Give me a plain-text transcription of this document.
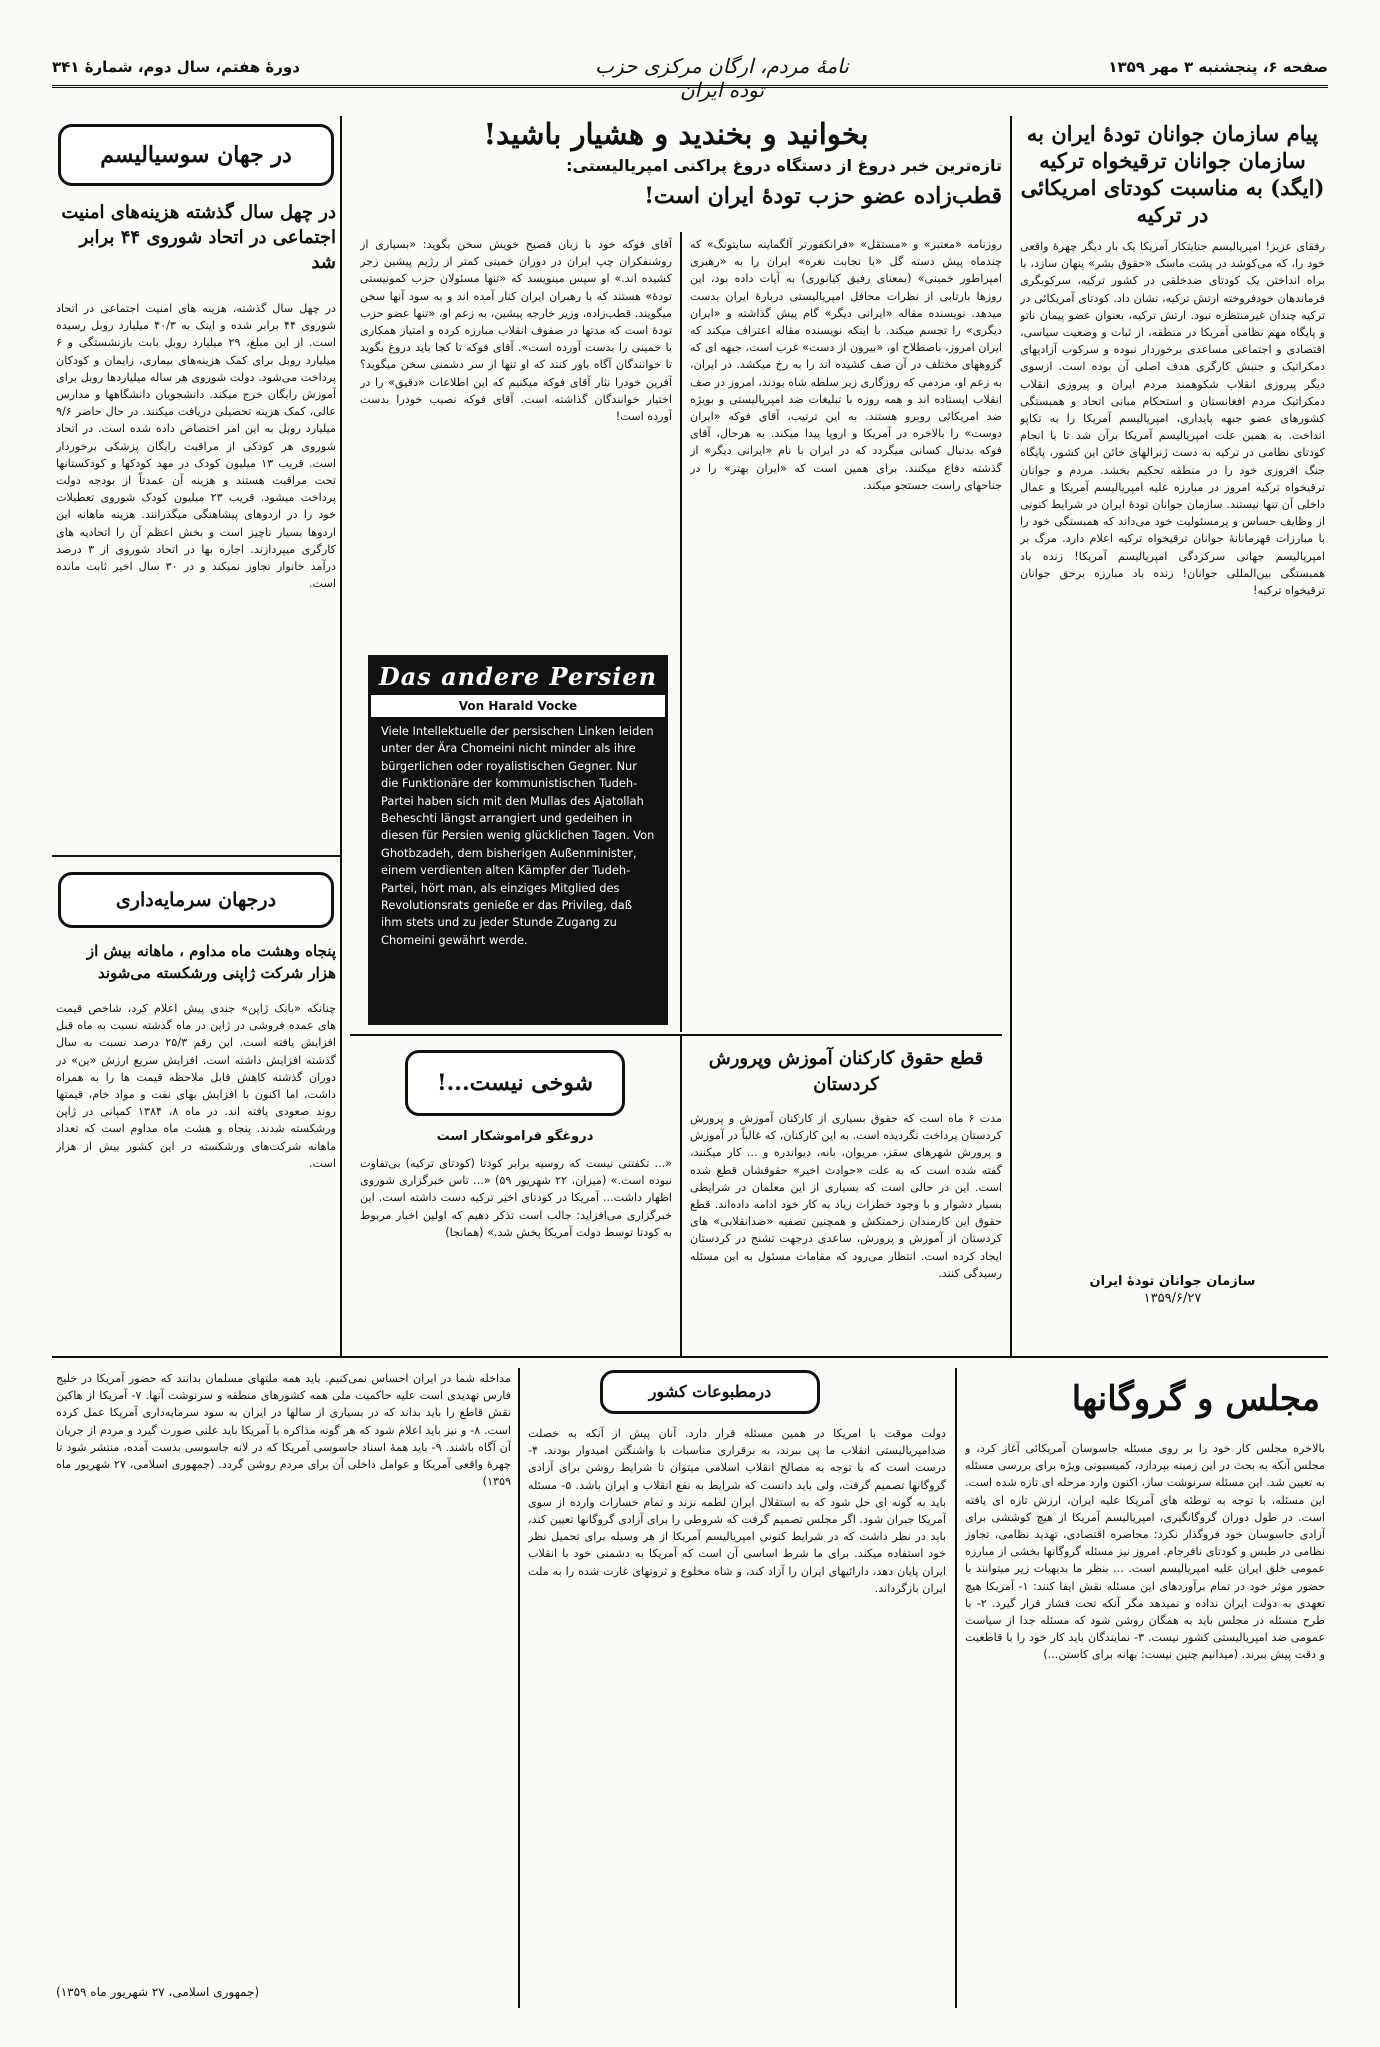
صفحه ۶، پنجشنبه ۳ مهر ۱۳۵۹
نامهٔ مردم، ارگان مرکزی حزب توده ایران
دورهٔ هفتم، سال دوم، شمارهٔ ۳۴۱
پیام سازمان جوانان تودهٔ ایران به سازمان جوانان ترقیخواه ترکیه (ایگد) به مناسبت کودتای امریکائی در ترکیه
رفقای عزیز! امپریالیسم جنایتکار آمریکا یک بار دیگر چهرهٔ واقعی خود را، که می‌کوشد در پشت ماسک «حقوق بشر» پنهان سازد، با براه انداختن یک کودتای ضدخلقی در کشور ترکیه، سرکوبگری فرماندهان خودفروخته ارتش ترکیه، نشان داد. کودتای آمریکائی در ترکیه چندان غیرمنتظره نبود. ارتش ترکیه، بعنوان عضو پیمان ناتو و پایگاه مهم نظامی آمریکا در منطقه، از ثبات و وضعیت سیاسی، اقتصادی و اجتماعی مساعدی برخوردار نبوده و سرکوب آزادیهای دمکراتیک و جنبش کارگری هدف اصلی آن بوده است. ازسوی دیگر پیروزی انقلاب شکوهمند مردم ایران و پیروزی انقلاب دمکراتیک مردم افغانستان و استحکام مبانی اتحاد و همبستگی کشورهای عضو جبهه پایداری، امپریالیسم آمریکا را به تکاپو انداخت. به همین علت امپریالیسم آمریکا برآن شد تا با انجام کودتای نظامی در ترکیه به دست ژنرالهای خائن این کشور، پایگاه جنگ افروزی خود را در منطقه تحکیم بخشد. مردم و جوانان ترقیخواه ترکیه امروز در مبارزه علیه امپریالیسم آمریکا و عمال داخلی آن تنها نیستند. سازمان جوانان تودهٔ ایران در شرایط کنونی از وظایف حساس و پرمسئولیت خود می‌داند که همبستگی خود را با مبارزات قهرمانانهٔ جوانان ترقیخواه ترکیه اعلام دارد. مرگ بر امپریالیسم جهانی سرکردگی امپریالیسم آمریکا! زنده باد همبستگی بین‌المللی جوانان! زنده باد مبارزه برحق جوانان ترقیخواه ترکیه!
سازمان جوانان تودهٔ ایران
۱۳۵۹/۶/۲۷
بخوانید و بخندید و هشیار باشید!
تازه‌ترین خبر دروغ از دستگاه دروغ پراکنی امپریالیستی:
قطب‌زاده عضو حزب تودهٔ ایران است!
روزنامه «معتبر» و «مستقل» «فرانکفورتر آلگماینه سایتونگ» که چندماه پیش دسته گل «با نجابت نغره» ایران را به «رهبری امپراطور خمینی» (بمعنای رفیق کیانوری) به آیات داده بود، این روزها بارتابی از نظرات محافل امپریالیستی دربارهٔ ایران بدست میدهد. نویسنده مقاله «ایرانی دیگر» گام پیش گذاشته و «ایران دیگری» را تجسم میکند. با اینکه نویسنده مقاله اعتراف میکند که ایران امروز، باصطلاح او، «بیرون از دست» غرب است، جبهه ای که گروههای مختلف در آن صف کشیده اند را به رخ میکشد. در ایران، به زعم او، مردمی که روزگاری زیر سلطه شاه بودند، امروز در صف انقلاب ایستاده اند و همه روزه با تبلیغات ضد امپریالیستی و بویژه ضد امریکائی روبرو هستند. به این ترتیب، آقای فوکه «ایران دوست» را بالاخره در آمریکا و اروپا پیدا میکند. به هرحال، آقای فوکه بدنبال کسانی میگردد که در ایران با نام «ایرانی دیگر» از گذشته دفاع میکنند. برای همین است که «ایران بهتر» را در جناحهای راست جستجو میکند.
آقای فوکه خود با زبان فصیح خویش سخن بگوید: «بسیاری از روشنفکران چپ ایران در دوران خمینی کمتر از رژیم پیشین زجر کشیده اند.» او سپس مینویسد که «تنها مسئولان حزب کمونیستی تودهٔ» هستند که با رهبران ایران کنار آمده اند و به سود آنها سخن میگویند. قطب‌زاده، وزیر خارجه پیشین، به زعم او، «تنها عضو حزب تودهٔ است که مدتها در صفوف انقلاب مبارزه کرده و امتیاز همکاری با خمینی را بدست آورده است». آقای فوکه تا کجا باید دروغ بگوید تا خوانندگان آگاه باور کنند که او تنها از سر دشمنی سخن میگوید؟ آفرین خودرا نثار آقای فوکه میکنیم که این اطلاعات «دقیق» را در اختیار خوانندگان گذاشته است. آقای فوکه نصیب خودرا بدست آورده است!
Das andere Persien
Von Harald Vocke
Viele Intellektuelle der persischen Linken leiden unter der Ära Chomeini nicht minder als ihre bürgerlichen oder royalistischen Gegner. Nur die Funktionäre der kommunistischen Tudeh-Partei haben sich mit den Mullas des Ajatollah Beheschti längst arrangiert und gedeihen in diesen für Persien wenig glücklichen Tagen. Von Ghotbzadeh, dem bisherigen Außenminister, einem verdienten alten Kämpfer der Tudeh-Partei, hört man, als einziges Mitglied des Revolutionsrats genieße er das Privileg, daß ihm stets und zu jeder Stunde Zugang zu Chomeini gewährt werde.
در جهان سوسیالیسم
در چهل سال گذشته هزینه‌های امنیت اجتماعی در اتحاد شوروی ۴۴ برابر شد
در چهل سال گذشته، هزینه های امنیت اجتماعی در اتحاد شوروی ۴۴ برابر شده و اینک به ۴۰/۳ میلیارد روبل رسیده است. از این مبلغ، ۲۹ میلیارد روبل بابت بازنشستگی و ۶ میلیارد روبل برای کمک هزینه‌های بیماری، زایمان و کودکان پرداخت می‌شود. دولت شوروی هر ساله میلیاردها روبل برای آموزش رایگان خرج میکند. دانشجویان دانشگاهها و مدارس عالی، کمک هزینه تحصیلی دریافت میکنند. در حال حاضر ۹/۶ میلیارد روبل به این امر اختصاص داده شده است. در اتحاد شوروی هر کودکی از مراقبت رایگان پزشکی برخوردار است. قریب ۱۳ میلیون کودک در مهد کودکها و کودکستانها تحت مراقبت هستند و هزینه آن عمدتاً از بودجه دولت پرداخت میشود. قریب ۲۳ میلیون کودک شوروی تعطیلات خود را در اردوهای پیشاهنگی میگذرانند. هزینه ماهانه این اردوها بسیار ناچیز است و بخش اعظم آن را اتحادیه های کارگری میپردازند. اجاره بها در اتحاد شوروی از ۳ درصد درآمد خانوار تجاوز نمیکند و در ۳۰ سال اخیر ثابت مانده است.
درجهان سرمایه‌داری
پنجاه وهشت ماه مداوم ، ماهانه بیش از هزار شرکت ژاپنی ورشکسته می‌شوند
چنانکه «بانک ژاپن» جندی پیش اعلام کرد، شاخص قیمت های عمده فروشی در ژاپن در ماه گذشته نسبت به ماه قبل افزایش یافته است. این رقم ۲۵/۳ درصد نسبت به سال گذشته افزایش داشته است. افزایش سریع ارزش «ین» در دوران گذشته کاهش قابل ملاحظه قیمت ها را به همراه داشت، اما اکنون با افزایش بهای نفت و مواد خام، قیمتها روند صعودی یافته اند. در ماه ۸، ۱۳۸۴ کمپانی در ژاپن ورشکسته شدند. پنجاه و هشت ماه مداوم است که تعداد ماهانه شرکت‌های ورشکسته در این کشور بیش از هزار است.
شوخی نیست...!
دروغگو فراموشکار است
«... تکفتنی نیست که روسیه برابر کودتا (کودتای ترکیه) بی‌تفاوت نبوده است.» (میزان، ۲۲ شهریور ۵۹) «... تاس خبرگزاری شوروی اظهار داشت... آمریکا در کودتای اخیر ترکیه دست داشته است. این خبرگزاری می‌افزاید: جالب است تذکر دهیم که اولین اخبار مربوط به کودتا توسط دولت آمریکا پخش شد.» (همانجا)
قطع حقوق کارکنان آموزش وپرورش کردستان
مدت ۶ ماه است که حقوق بسیاری از کارکنان آموزش و پرورش کردستان پرداخت نگردیده است. به این کارکنان، که غالباً در آموزش و پرورش شهرهای سقز، مریوان، بانه، دیواندره و ... کار میکنند، گفته شده است که به علت «حوادث اخیر» حقوقشان قطع شده است. این در حالی است که بسیاری از این معلمان در شرایطی بسیار دشوار و با وجود خطرات زیاد به کار خود ادامه داده‌اند. قطع حقوق این کارمندان زحمتکش و همچنین تصفیه «ضدانقلابی» های کردستان از آموزش و پرورش، ساعدی درجهت تشنج در کردستان ایجاد کرده است. انتظار می‌رود که مقامات مسئول به این مسئله رسیدگی کنند.
مجلس و گروگانها
بالاخره مجلس کار خود را بر روی مسئله جاسوسان آمریکائی آغاز کرد، و مجلس آنکه به بحث در این زمینه بپردازد، کمیسیونی ویژه برای بررسی مسئله به تعیین شد. این مسئله سرنوشت ساز، اکنون وارد مرحله ای تازه شده است. این مسئله، با توجه به توطئه های آمریکا علیه ایران، ارزش تازه ای یافته است. در طول دوران گروگانگیری، امپریالیسم آمریکا از هیچ کوششی برای آزادی جاسوسان خود فروگذار نکرد: محاصره اقتصادی، تهدید نظامی، تجاوز نظامی در طبس و کودتای نافرجام. امروز نیز مسئله گروگانها بخشی از مبارزه عمومی خلق ایران علیه امپریالیسم است. ... بنظر ما بدیهیات زیر میتوانند با حضور موثر خود در تمام برآوردهای این مسئله نقش ایفا کنند: ۱- آمریکا هیچ تعهدی به دولت ایران نداده و نمیدهد مگر آنکه تحت فشار قرار گیرد. ۲- با طرح مسئله در مجلس باید به همگان روشن شود که مسئله جدا از سیاست عمومی ضد امپریالیستی کشور نیست. ۳- نمایندگان باید کار خود را با قاطعیت و دقت پیش ببرند. (میدانیم چنین نیست: بهانه برای کاستن...)
درمطبوعات کشور
دولت موقت با امریکا در همین مسئله قرار دارد. آنان پیش از آنکه به خصلت ضدامپریالیستی انقلاب ما پی ببرند، به برقراری مناسبات با واشنگتن امیدوار بودند. ۴- درست است که با توجه به مصالح انقلاب اسلامی میتوان تا شرایط روشن برای آزادی گروگانها تصمیم گرفت، ولی باید دانست که شرایط به نفع انقلاب و ایران باشد. ۵- مسئله باید به گونه ای حل شود که به استقلال ایران لطمه نزند و تمام خسارات وارده از سوی آمریکا جبران شود. اگر مجلس تصمیم گرفت که شروطی را برای آزادی گروگانها تعیین کند، باید در نظر داشت که در شرایط کنونی امپریالیسم آمریکا از هر وسیله برای تحمیل نظر خود استفاده میکند. برای ما شرط اساسی آن است که آمریکا به دشمنی خود با انقلاب ایران پایان دهد، دارائیهای ایران را آزاد کند، و شاه مخلوع و ثروتهای غارت شده را به ملت ایران بازگرداند.
مداخله شما در ایران احساس نمی‌کنیم. باید همه ملتهای مسلمان بدانند که حضور آمریکا در خلیج فارس تهدیدی است علیه حاکمیت ملی همه کشورهای منطقه و سرنوشت آنها. ۷- آمریکا از هاکین نقش قاطع را باید بداند که در بسیاری از سالها در ایران به سود سرمایه‌داری آمریکا عمل کرده است. ۸- و نیز باید اعلام شود که هر گونه مذاکره با آمریکا باید علنی صورت گیرد و مردم از جریان آن آگاه باشند. ۹- باید همهٔ اسناد جاسوسی آمریکا که در لانه جاسوسی بدست آمده، منتشر شود تا چهرهٔ واقعی آمریکا و عوامل داخلی آن برای مردم روشن گردد. (جمهوری اسلامی، ۲۷ شهریور ماه ۱۳۵۹)
(جمهوری اسلامی، ۲۷ شهریور ماه ۱۳۵۹)
